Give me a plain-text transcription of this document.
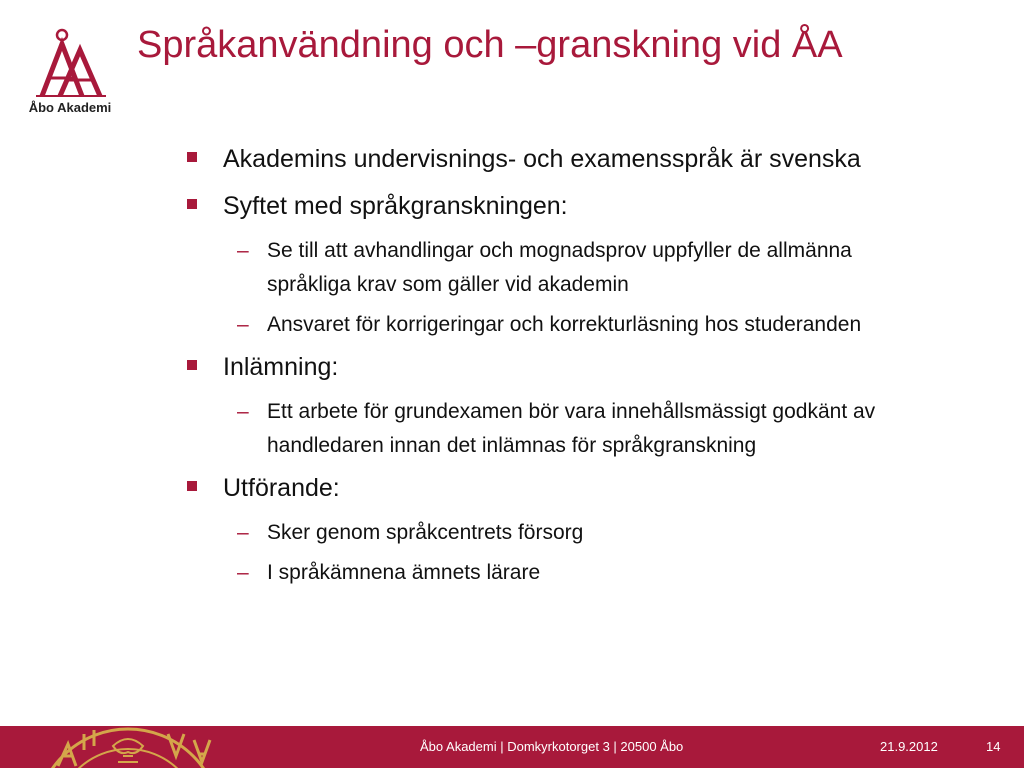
Åbo Akademi
Språkanvändning och –granskning vid ÅA
Akademins undervisnings- och examensspråk är svenska
Syftet med språkgranskningen:
– Se till att avhandlingar och mognadsprov uppfyller de allmänna språkliga krav som gäller vid akademin
– Ansvaret för korrigeringar och korrekturläsning hos studeranden
Inlämning:
– Ett arbete för grundexamen bör vara innehållsmässigt godkänt av handledaren innan det inlämnas för språkgranskning
Utförande:
– Sker genom språkcentrets försorg
– I språkämnena ämnets lärare
Åbo Akademi | Domkyrkotorget 3 | 20500 Åbo	21.9.2012	14
